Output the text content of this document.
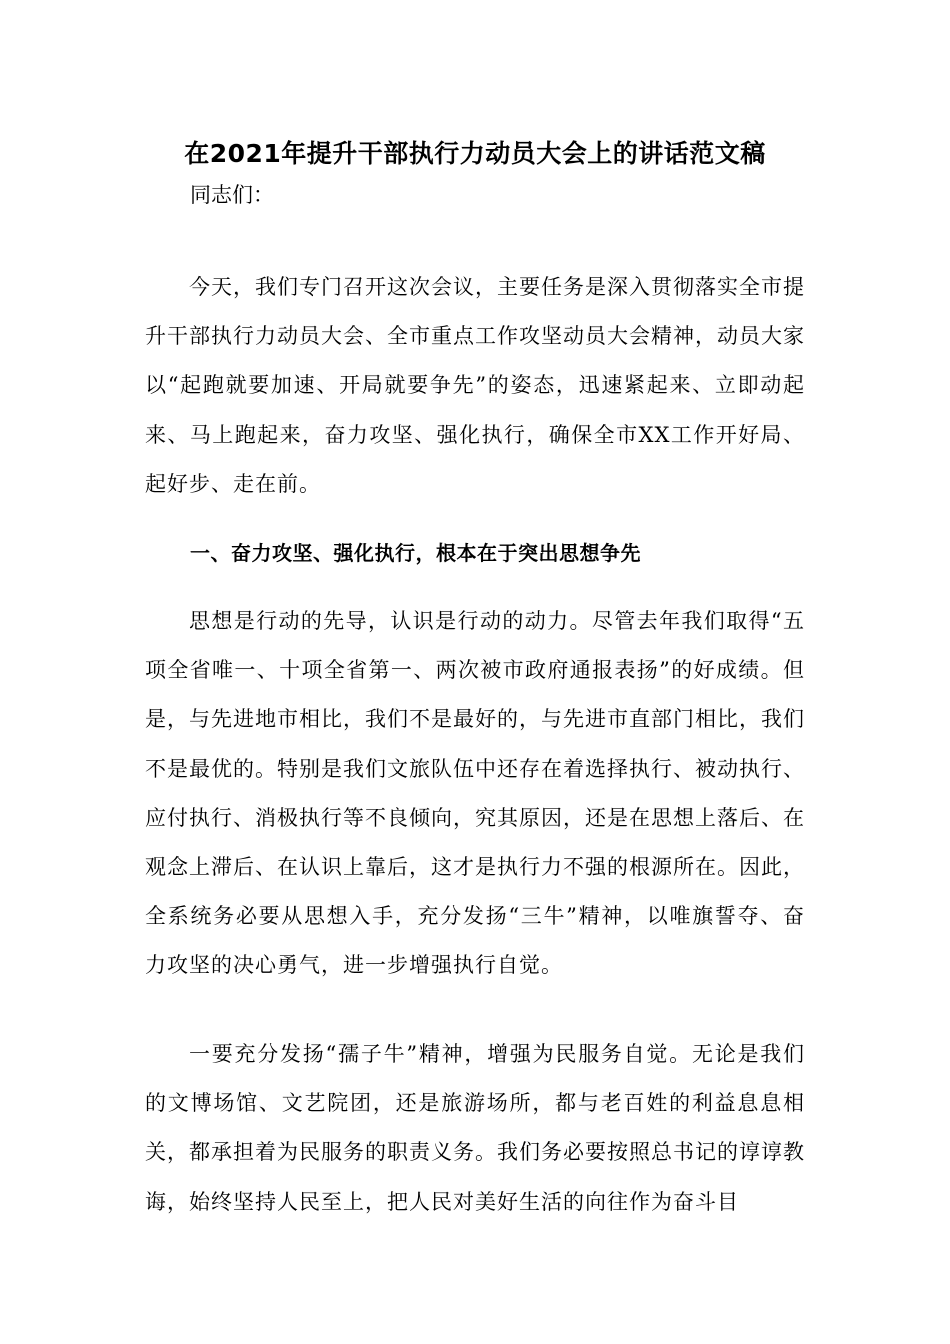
在2021年提升干部执行力动员大会上的讲话范文稿

同志们：

今天，我们专门召开这次会议，主要任务是深入贯彻落实全市提升干部执行力动员大会、全市重点工作攻坚动员大会精神，动员大家以“起跑就要加速、开局就要争先”的姿态，迅速紧起来、立即动起来、马上跑起来，奋力攻坚、强化执行，确保全市XX工作开好局、起好步、走在前。

一、奋力攻坚、强化执行，根本在于突出思想争先

思想是行动的先导，认识是行动的动力。尽管去年我们取得“五项全省唯一、十项全省第一、两次被市政府通报表扬”的好成绩。但是，与先进地市相比，我们不是最好的，与先进市直部门相比，我们不是最优的。特别是我们文旅队伍中还存在着选择执行、被动执行、应付执行、消极执行等不良倾向，究其原因，还是在思想上落后、在观念上滞后、在认识上靠后，这才是执行力不强的根源所在。因此，全系统务必要从思想入手，充分发扬“三牛”精神，以唯旗誓夺、奋力攻坚的决心勇气，进一步增强执行自觉。

一要充分发扬“孺子牛”精神，增强为民服务自觉。无论是我们的文博场馆、文艺院团，还是旅游场所，都与老百姓的利益息息相关，都承担着为民服务的职责义务。我们务必要按照总书记的谆谆教诲，始终坚持人民至上，把人民对美好生活的向往作为奋斗目
